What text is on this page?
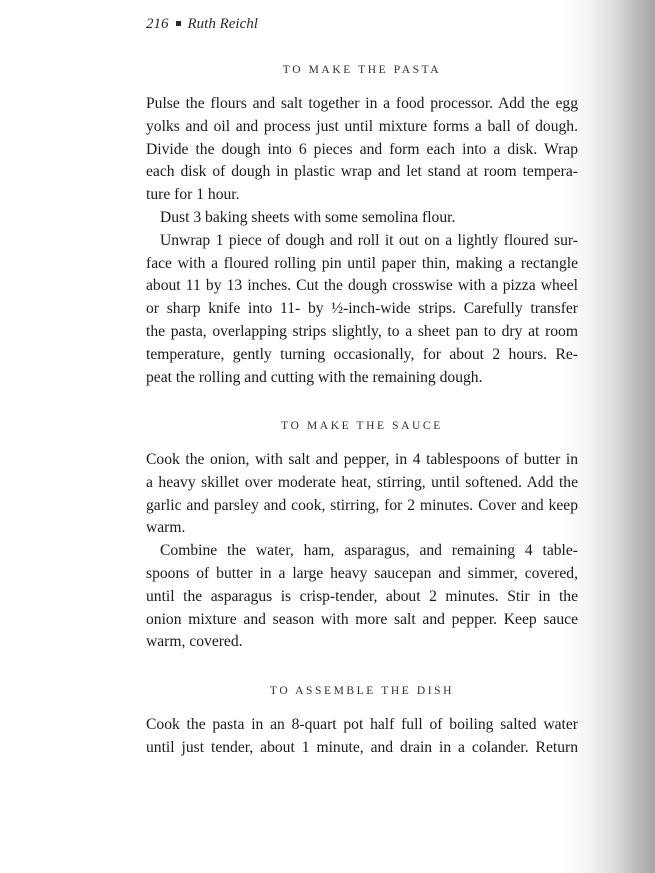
216 Ruth Reichl
TO MAKE THE PASTA
Pulse the flours and salt together in a food processor. Add the egg
yolks and oil and process just until mixture forms a ball of dough.
Divide the dough into 6 pieces and form each into a disk. Wrap
each disk of dough in plastic wrap and let stand at room tempera-
ture for 1 hour.
Dust 3 baking sheets with some semolina flour.
Unwrap 1 piece of dough and roll it out on a lightly floured sur-
face with a floured rolling pin until paper thin, making a rectangle
about 11 by 13 inches. Cut the dough crosswise with a pizza wheel
or sharp knife into 11- by ½-inch-wide strips. Carefully transfer
the pasta, overlapping strips slightly, to a sheet pan to dry at room
temperature, gently turning occasionally, for about 2 hours. Re-
peat the rolling and cutting with the remaining dough.
TO MAKE THE SAUCE
Cook the onion, with salt and pepper, in 4 tablespoons of butter in
a heavy skillet over moderate heat, stirring, until softened. Add the
garlic and parsley and cook, stirring, for 2 minutes. Cover and keep
warm.
Combine the water, ham, asparagus, and remaining 4 table-
spoons of butter in a large heavy saucepan and simmer, covered,
until the asparagus is crisp-tender, about 2 minutes. Stir in the
onion mixture and season with more salt and pepper. Keep sauce
warm, covered.
TO ASSEMBLE THE DISH
Cook the pasta in an 8-quart pot half full of boiling salted water
until just tender, about 1 minute, and drain in a colander. Return
